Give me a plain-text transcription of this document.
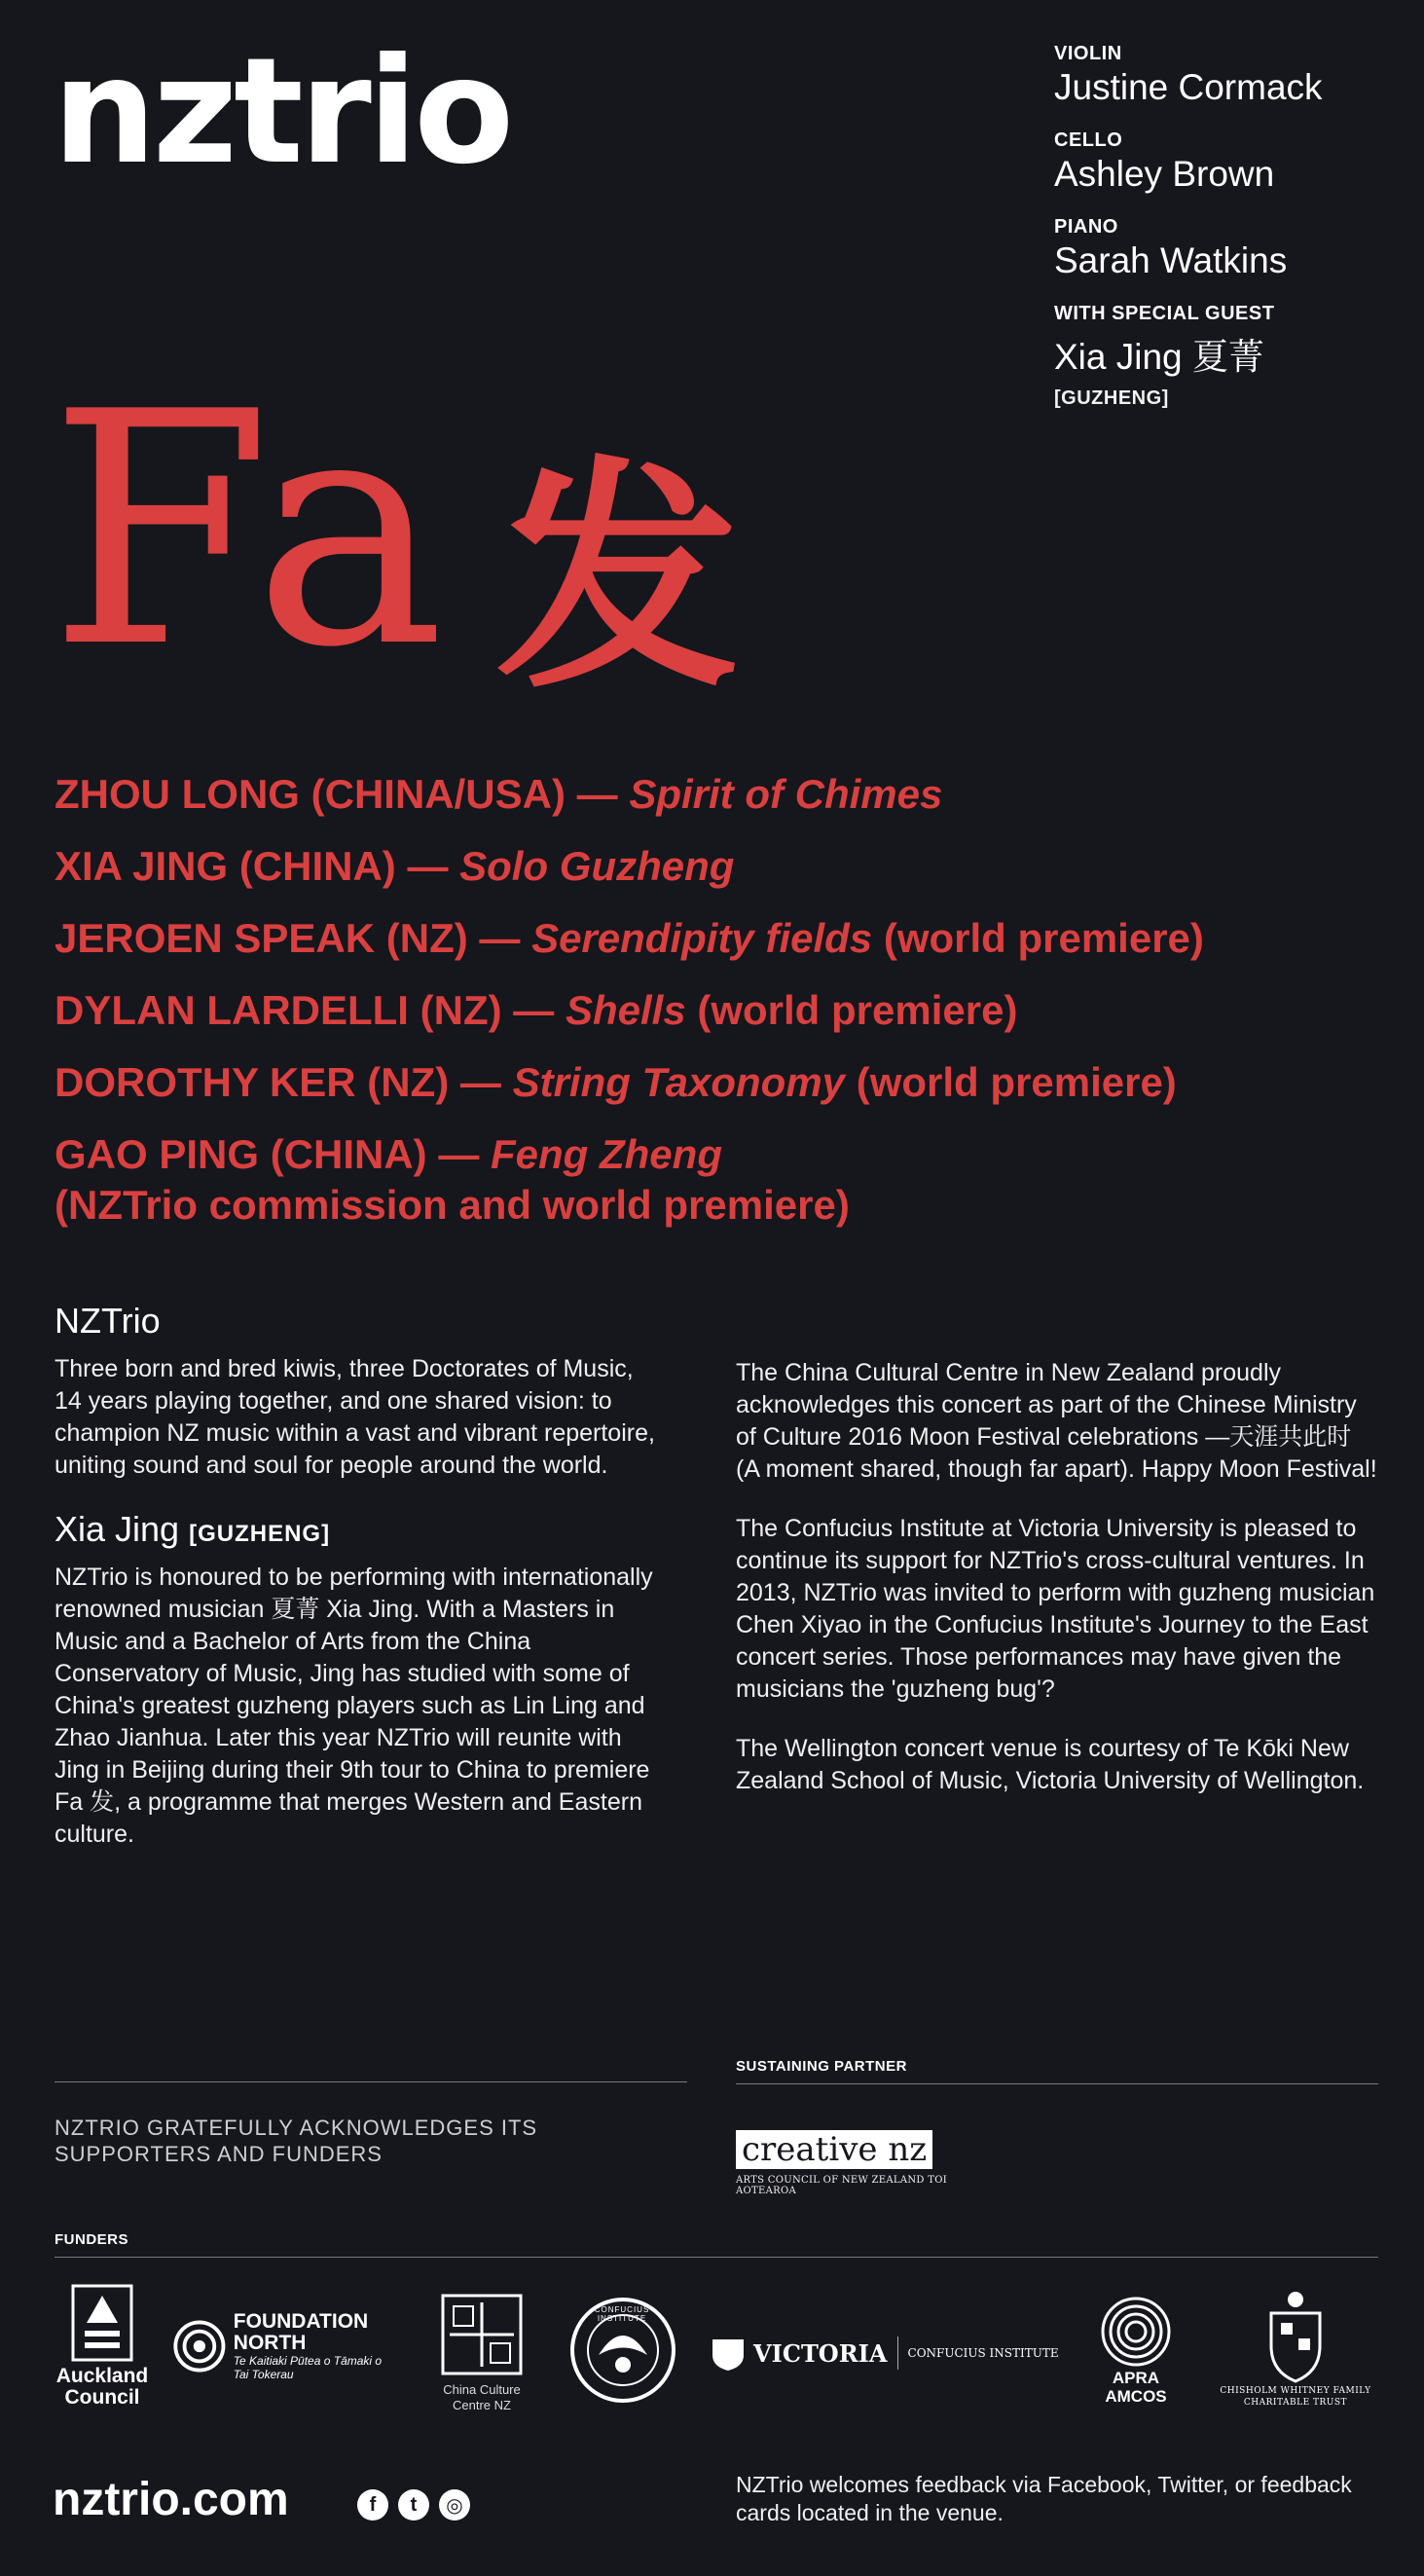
nztrio	VIOLIN
Justine Cormack
CELLO
Ashley Brown
PIANO
Sarah Watkins
WITH SPECIAL GUEST
Xia Jing 夏菁
[GUZHENG]
Fa 发
ZHOU LONG (CHINA/USA) — Spirit of Chimes
XIA JING (CHINA) — Solo Guzheng
JEROEN SPEAK (NZ) — Serendipity fields (world premiere)
DYLAN LARDELLI (NZ) — Shells (world premiere)
DOROTHY KER (NZ) — String Taxonomy (world premiere)
GAO PING (CHINA) — Feng Zheng
(NZTrio commission and world premiere)
NZTrio

Three born and bred kiwis, three Doctorates of Music, 14 years playing together, and one shared vision: to champion NZ music within a vast and vibrant repertoire, uniting sound and soul for people around the world.

Xia Jing [GUZHENG]

NZTrio is honoured to be performing with internationally renowned musician 夏菁 Xia Jing. With a Masters in Music and a Bachelor of Arts from the China Conservatory of Music, Jing has studied with some of China's greatest guzheng players such as Lin Ling and Zhao Jianhua. Later this year NZTrio will reunite with Jing in Beijing during their 9th tour to China to premiere Fa 发, a programme that merges Western and Eastern culture.

The China Cultural Centre in New Zealand proudly acknowledges this concert as part of the Chinese Ministry of Culture 2016 Moon Festival celebrations —天涯共此时 (A moment shared, though far apart). Happy Moon Festival!

The Confucius Institute at Victoria University is pleased to continue its support for NZTrio's cross-cultural ventures. In 2013, NZTrio was invited to perform with guzheng musician Chen Xiyao in the Confucius Institute's Journey to the East concert series. Those performances may have given the musicians the 'guzheng bug'?

The Wellington concert venue is courtesy of Te Kōki New Zealand School of Music, Victoria University of Wellington.

SUSTAINING PARTNER
NZTRIO GRATEFULLY ACKNOWLEDGES ITS SUPPORTERS AND FUNDERS	creative nz
ARTS COUNCIL OF NEW ZEALAND TOI AOTEAROA
FUNDERS
Auckland Council
FOUNDATION NORTH
Te Kaitiaki Pūtea o Tāmaki o Tai Tokerau
China Culture Centre NZ
CONFUCIUS INSTITUTE
VICTORIA CONFUCIUS INSTITUTE
APRA AMCOS	CHISHOLM WHITNEY FAMILY
CHARITABLE TRUST
nztrio.com	f	t	◎
NZTrio welcomes feedback via Facebook, Twitter, or feedback cards located in the venue.
